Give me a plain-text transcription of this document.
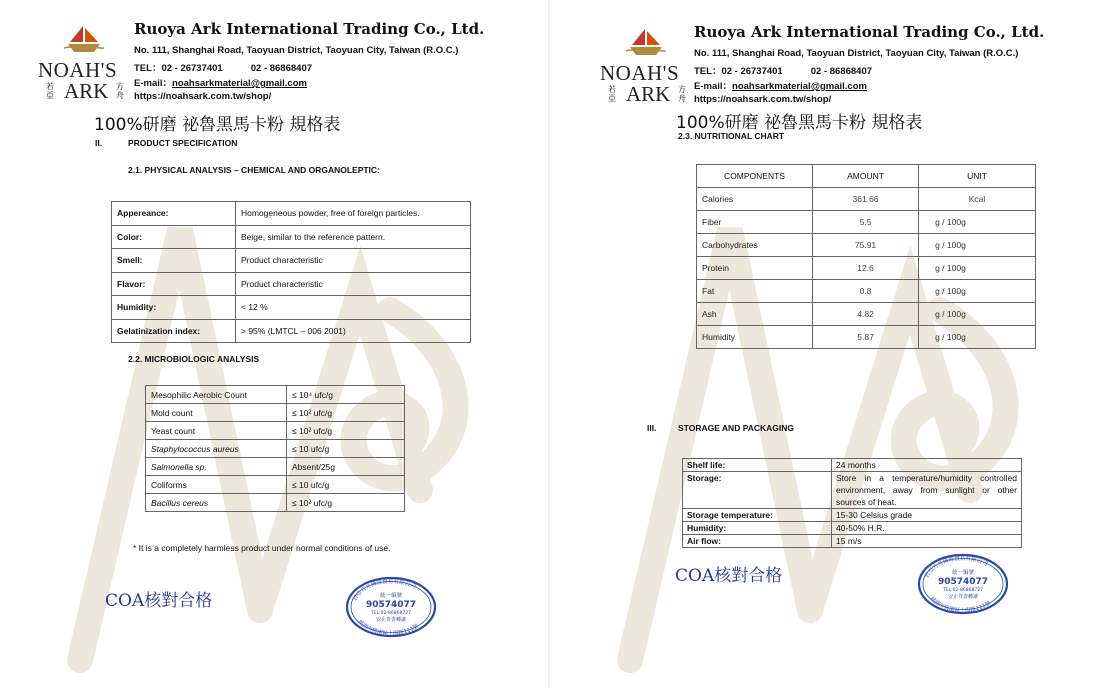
NOAH'S
若亞 ARK 方舟
Ruoya Ark International Trading Co., Ltd.
No. 111, Shanghai Road, Taoyuan District, Taoyuan City, Taiwan (R.O.C.)
TEL：02 - 26737401	02 - 86868407
E-mail：noahsarkmaterial@gmail.com
https://noahsark.com.tw/shop/
100%研磨 祕魯黑馬卡粉 規格表
II.	PRODUCT SPECIFICATION
2.1. PHYSICAL ANALYSIS – CHEMICAL AND ORGANOLEPTIC:
Appereance:	Homogeneous powder, free of foreign particles.
Color:	Beige, similar to the reference pattern.
Smell:	Product characteristic
Flavor:	Product characteristic
Humidity:	< 12 %
Gelatinization index:	> 95% (LMTCL – 006 2001)
2.2. MICROBIOLOGIC ANALYSIS
Mesophilic Aerobic Count	≤ 10⁴ ufc/g
Mold count	≤ 10² ufc/g
Yeast count	≤ 10² ufc/g
Staphylococcus aureus	≤ 10 ufc/g
Salmonella sp.	Absent/25g
Coliforms	≤ 10 ufc/g
Bacillus cereus	≤ 10² ufc/g
* It is a completely harmless product under normal conditions of use.
COA核對合格	若亞方舟國際貿易有限公司
桃園市桃園區上海路111號
統一編號
90574077
TEL:02-86868727
安止背書轉讓
NOAH'S
若亞 ARK 方舟
Ruoya Ark International Trading Co., Ltd.
No. 111, Shanghai Road, Taoyuan District, Taoyuan City, Taiwan (R.O.C.)
TEL：02 - 26737401	02 - 86868407
E-mail：noahsarkmaterial@gmail.com
https://noahsark.com.tw/shop/
100%研磨 祕魯黑馬卡粉 規格表
2.3. NUTRITIONAL CHART
COMPONENTS	AMOUNT	UNIT
Calories	361.66	Kcal
Fiber	5.5	g / 100g
Carbohydrates	75.91	g / 100g
Protein	12.6	g / 100g
Fat	0.8	g / 100g
Ash	4.82	g / 100g
Humidity	5.87	g / 100g
III.	STORAGE AND PACKAGING
Shelf life:	24 months
Storage:	Store in a temperature/humidity controlled environment, away from sunlight or other sources of heat.
Storage temperature:	15-30 Celsius grade
Humidity:	40-50% H.R.
Air flow:	15 m/s
COA核對合格	若亞方舟國際貿易有限公司
桃園市桃園區上海路111號
統一編號
90574077
TEL:02-86868727
安止背書轉讓
